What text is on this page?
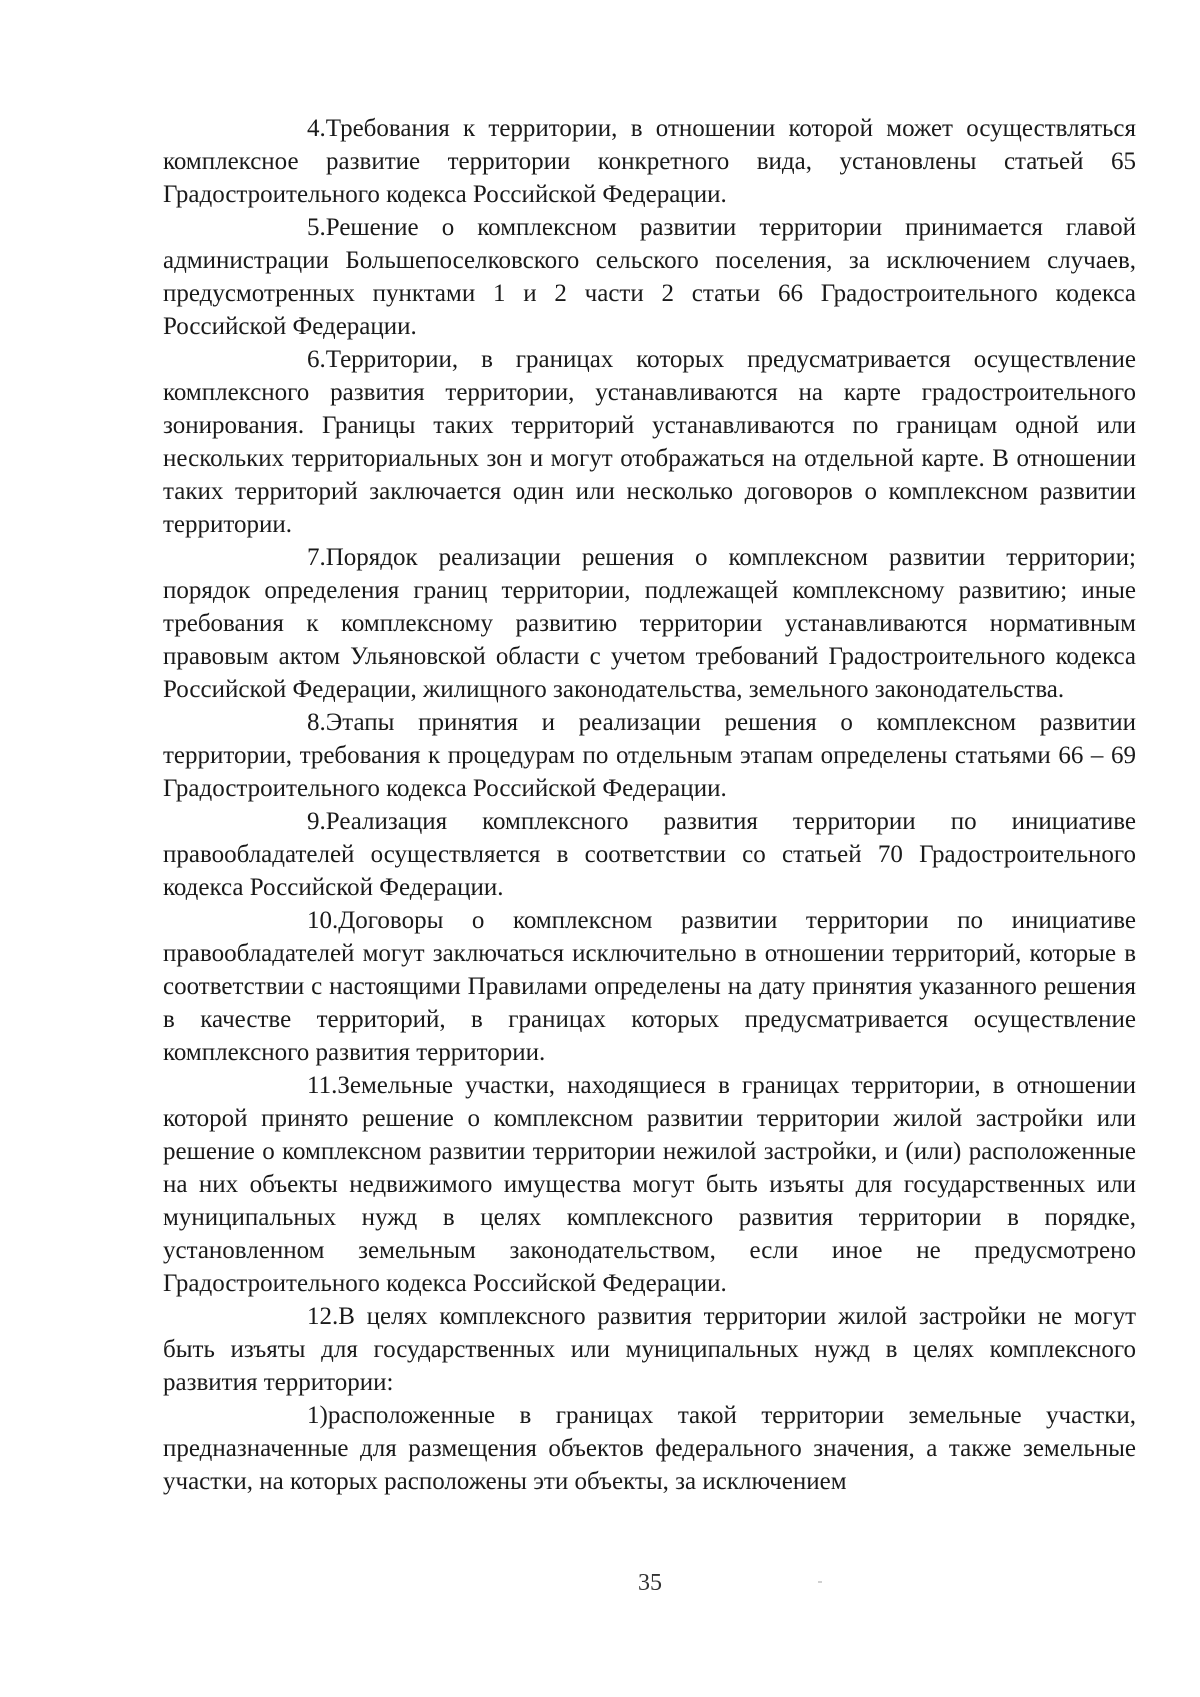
4.Требования к территории, в отношении которой может осуществляться комплексное развитие территории конкретного вида, установлены статьей 65 Градостроительного кодекса Российской Федерации.

5.Решение о комплексном развитии территории принимается главой администрации Большепоселковского сельского поселения, за исключением случаев, предусмотренных пунктами 1 и 2 части 2 статьи 66 Градостроительного кодекса Российской Федерации.

6.Территории, в границах которых предусматривается осуществление комплексного развития территории, устанавливаются на карте градостроительного зонирования. Границы таких территорий устанавливаются по границам одной или нескольких территориальных зон и могут отображаться на отдельной карте. В отношении таких территорий заключается один или несколько договоров о комплексном развитии территории.

7.Порядок реализации решения о комплексном развитии территории; порядок определения границ территории, подлежащей комплексному развитию; иные требования к комплексному развитию территории устанавливаются нормативным правовым актом Ульяновской области с учетом требований Градостроительного кодекса Российской Федерации, жилищного законодательства, земельного законодательства.

8.Этапы принятия и реализации решения о комплексном развитии территории, требования к процедурам по отдельным этапам определены статьями 66 – 69 Градостроительного кодекса Российской Федерации.

9.Реализация комплексного развития территории по инициативе правообладателей осуществляется в соответствии со статьей 70 Градостроительного кодекса Российской Федерации.

10.Договоры о комплексном развитии территории по инициативе правообладателей могут заключаться исключительно в отношении территорий, которые в соответствии с настоящими Правилами определены на дату принятия указанного решения в качестве территорий, в границах которых предусматривается осуществление комплексного развития территории.

11.Земельные участки, находящиеся в границах территории, в отношении которой принято решение о комплексном развитии территории жилой застройки или решение о комплексном развитии территории нежилой застройки, и (или) расположенные на них объекты недвижимого имущества могут быть изъяты для государственных или муниципальных нужд в целях комплексного развития территории в порядке, установленном земельным законодательством, если иное не предусмотрено Градостроительного кодекса Российской Федерации.

12.В целях комплексного развития территории жилой застройки не могут быть изъяты для государственных или муниципальных нужд в целях комплексного развития территории:

1)расположенные в границах такой территории земельные участки, предназначенные для размещения объектов федерального значения, а также земельные участки, на которых расположены эти объекты, за исключением

35
